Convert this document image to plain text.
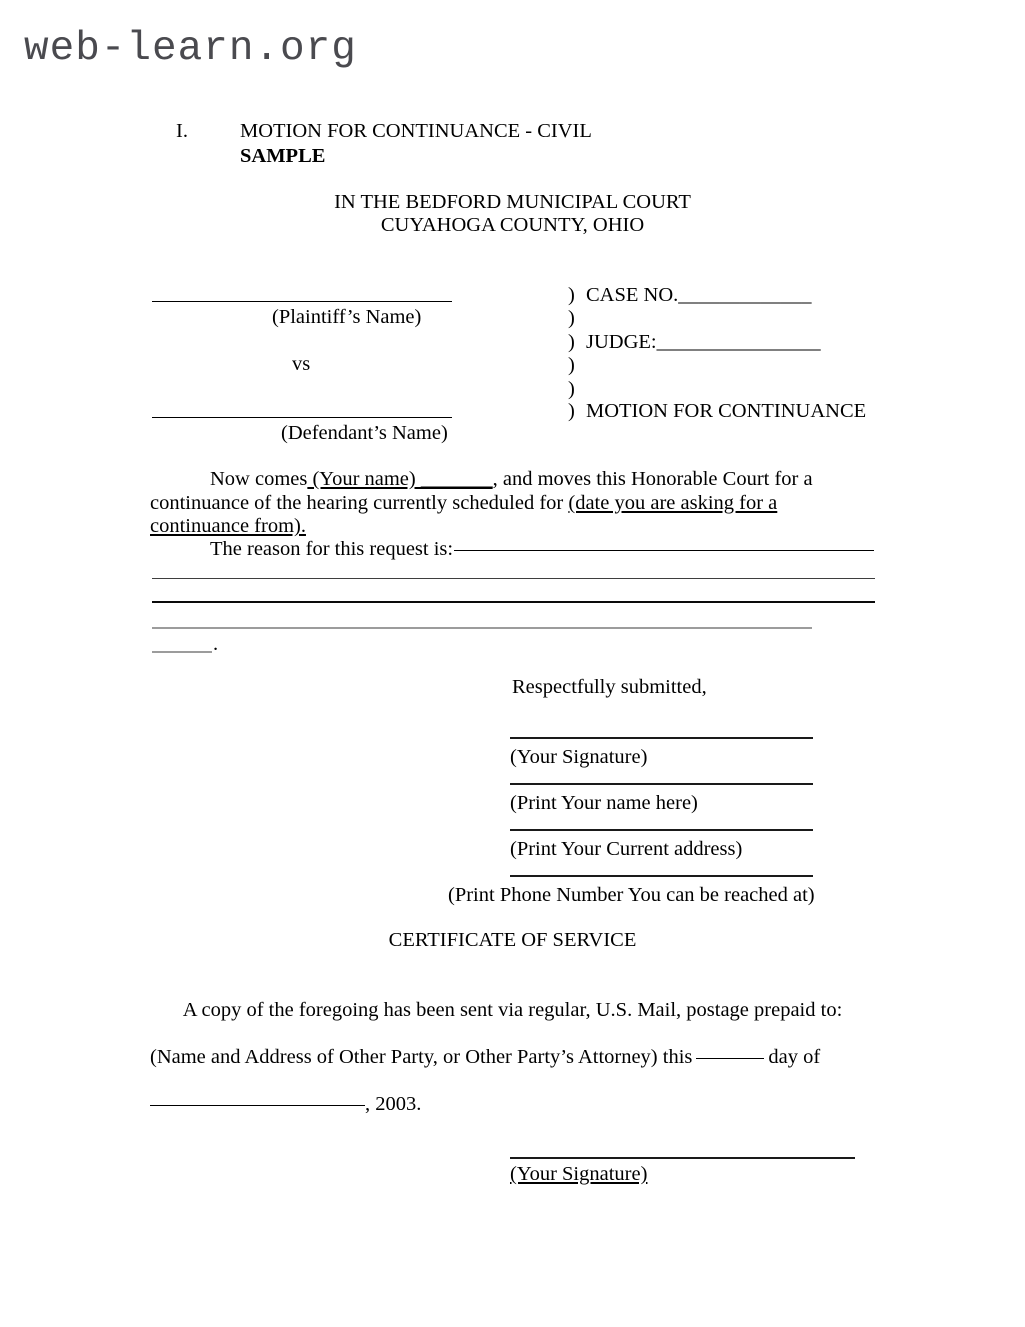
web-learn.org
I.	MOTION FOR CONTINUANCE - CIVIL
SAMPLE
IN THE BEDFORD MUNICIPAL COURT
CUYAHOGA COUNTY, OHIO
(Plaintiff’s Name)
vs
(Defendant’s Name)
)
)
)
)
)
)
CASE NO._____________
JUDGE:________________
MOTION FOR CONTINUANCE
Now comes (Your name) _______, and moves this Honorable Court for a continuance of the hearing currently scheduled for (date you are asking for a continuance from).
The reason for this request is:
.
Respectfully submitted,
(Your Signature)
(Print Your name here)
(Print Your Current address)
(Print Phone Number You can be reached at)
CERTIFICATE OF SERVICE
A copy of the foregoing has been sent via regular, U.S. Mail, postage prepaid to:
(Name and Address of Other Party, or Other Party’s Attorney) this	day of
, 2003.
(Your Signature)
